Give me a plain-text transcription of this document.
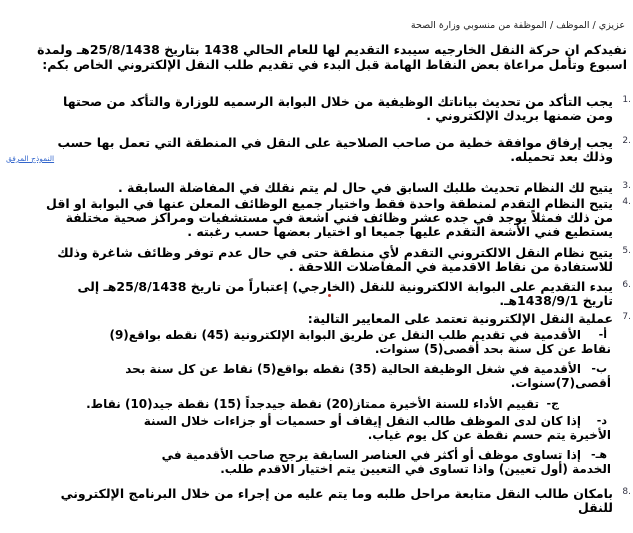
عزيزي / الموظف / الموظفة من منسوبي وزارة الصحة
نفيدكم ان حركة النقل الخارجيه سيبدء التقديم لها للعام الحالي 1438 بتاريخ 25/8/1438هـ ولمدة
اسبوع وتأمل مراعاة بعض النقاط الهامة قبل البدء في تقديم طلب النقل الإلكتروني الخاص بكم:
1.
يجب التأكد من تحديث بياناتك الوظيفية من خلال البوابة الرسميه للوزارة والتأكد من صحتها
ومن ضمنها بريدك الإلكتروني .
2.
يجب إرفاق موافقة خطية من صاحب الصلاحية على النقل في المنطقة التي تعمل بها حسب
وذلك بعد تحميله.
النموذج المرفق
3.
يتيح لك النظام تحديث طلبك السابق في حال لم يتم نقلك في المفاضلة السابقة .
4.
يتيح النظام التقدم لمنطقة واحدة فقط واختيار جميع الوظائف المعلن عنها في البوابة او اقل
من ذلك فمثلاً يوجد في جده عشر وظائف فني اشعة في مستشفيات ومراكز صحية مختلفة
يستطيع فني الأشعة التقدم عليها جميعا او اختيار بعضها حسب رغبته .
5.
يتيح نظام النقل الالكتروني التقدم لأي منطقة حتى في حال عدم توفر وظائف شاغرة وذلك
للاستفادة من نقاط الاقدمية في المفاضلات اللاحقة .
6.
يبدء التقديم على البوابة الالكترونية للنقل (الخارجي) إعتباراً من تاريخ 25/8/1438هـ إلى
تاريخ 1438/9/1هـ.
7.
عملية النقل الإلكترونية تعتمد على المعايير التالية:
أ-
الأقدمية في تقديم طلب النقل عن طريق البوابة الإلكترونية (45) نقطه بواقع(9)
نقاط عن كل سنة بحد أقصى(5) سنوات.
ب-
الأقدمية في شغل الوظيفة الحالية (35) نقطه بواقع(5) نقاط عن كل سنة بحد
أقصى(7)سنوات.
ج-
تقييم الأداء للسنة الأخيرة ممتاز(20) نقطة جيدجداً (15) نقطة جيد(10) نقاط.
د-
إذا كان لدى الموظف طالب النقل إيقاف أو حسميات أو جزاءات خلال السنة
الأخيرة يتم حسم نقطة عن كل يوم غياب.
هـ-
إذا تساوى موظف أو أكثر في العناصر السابقة يرجح صاحب الأقدمية في
الخدمة (أول تعيين) واذا تساوى في التعيين يتم اختيار الاقدم طلب.
8.
بامكان طالب النقل متابعة مراحل طلبه وما يتم عليه من إجراء من خلال البرنامج الإلكتروني
للنقل
